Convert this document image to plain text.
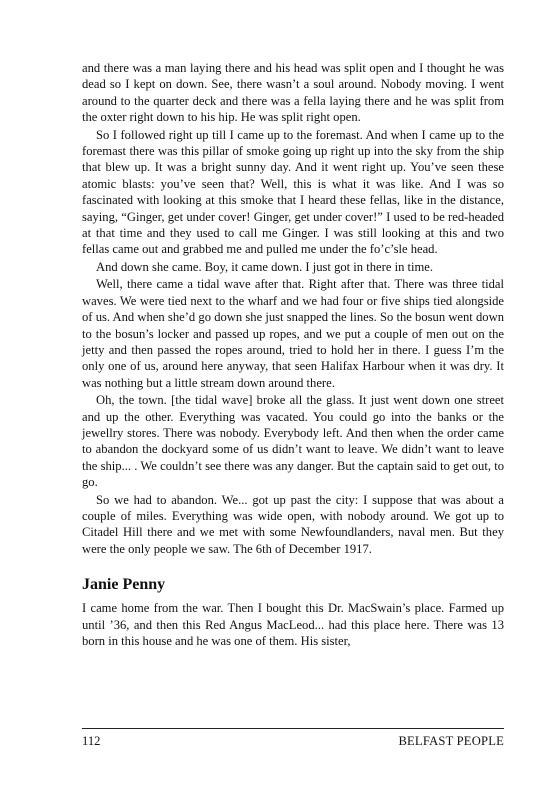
and there was a man laying there and his head was split open and I thought he was dead so I kept on down. See, there wasn’t a soul around. Nobody moving. I went around to the quarter deck and there was a fella laying there and he was split from the oxter right down to his hip. He was split right open.

So I followed right up till I came up to the foremast. And when I came up to the foremast there was this pillar of smoke going up right up into the sky from the ship that blew up. It was a bright sunny day. And it went right up. You’ve seen these atomic blasts: you’ve seen that? Well, this is what it was like. And I was so fascinated with looking at this smoke that I heard these fellas, like in the distance, saying, “Ginger, get under cover! Ginger, get under cover!” I used to be red-headed at that time and they used to call me Ginger. I was still looking at this and two fellas came out and grabbed me and pulled me under the fo’c’sle head.

And down she came. Boy, it came down. I just got in there in time.

Well, there came a tidal wave after that. Right after that. There was three tidal waves. We were tied next to the wharf and we had four or five ships tied alongside of us. And when she’d go down she just snapped the lines. So the bosun went down to the bosun’s locker and passed up ropes, and we put a couple of men out on the jetty and then passed the ropes around, tried to hold her in there. I guess I’m the only one of us, around here anyway, that seen Halifax Harbour when it was dry. It was nothing but a little stream down around there.

Oh, the town. [the tidal wave] broke all the glass. It just went down one street and up the other. Everything was vacated. You could go into the banks or the jewellry stores. There was nobody. Everybody left. And then when the order came to abandon the dockyard some of us didn’t want to leave. We didn’t want to leave the ship... . We couldn’t see there was any danger. But the captain said to get out, to go.

So we had to abandon. We... got up past the city: I suppose that was about a couple of miles. Everything was wide open, with nobody around. We got up to Citadel Hill there and we met with some Newfoundlanders, naval men. But they were the only people we saw. The 6th of December 1917.

Janie Penny

I came home from the war. Then I bought this Dr. MacSwain’s place. Farmed up until ’36, and then this Red Angus MacLeod... had this place here. There was 13 born in this house and he was one of them. His sister,

112	BELFAST PEOPLE
